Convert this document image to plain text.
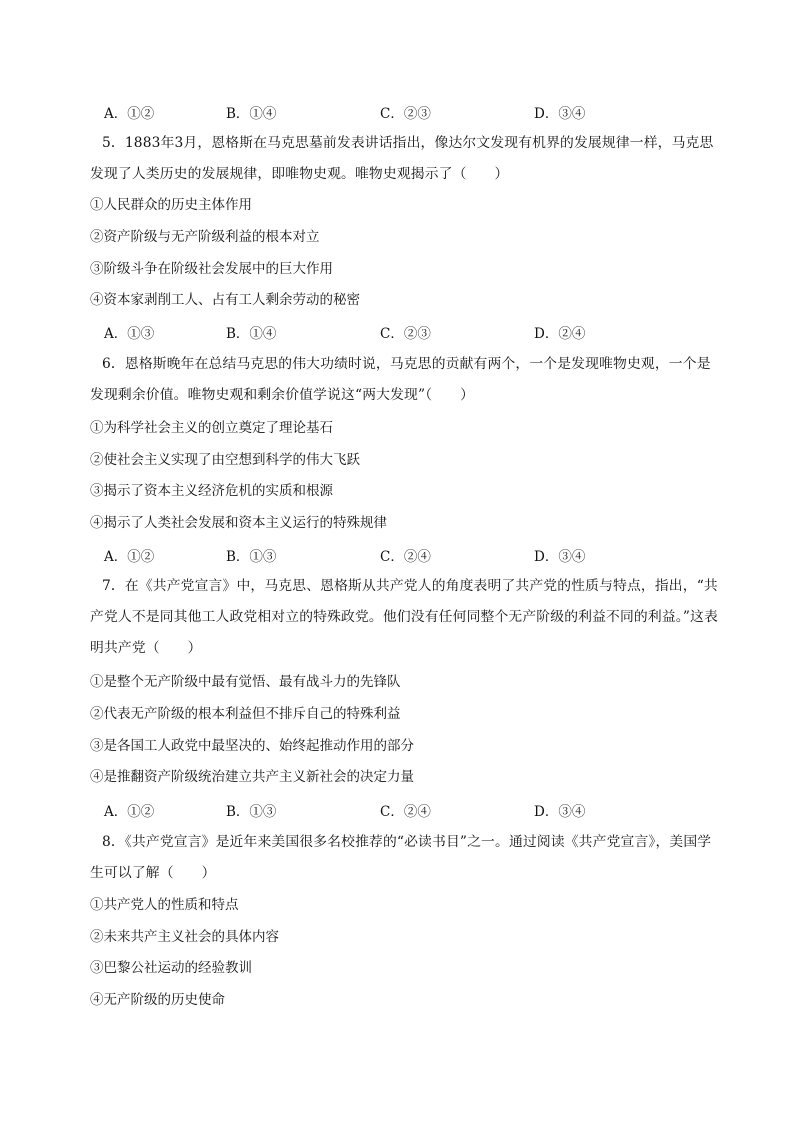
A．①②	B．①④	C．②③	D．③④
5．1883年3月，恩格斯在马克思墓前发表讲话指出，像达尔文发现有机界的发展规律一样，马克思发现了人类历史的发展规律，即唯物史观。唯物史观揭示了（　　）
①人民群众的历史主体作用
②资产阶级与无产阶级利益的根本对立
③阶级斗争在阶级社会发展中的巨大作用
④资本家剥削工人、占有工人剩余劳动的秘密
A．①③	B．①④	C．②③	D．②④
6．恩格斯晚年在总结马克思的伟大功绩时说，马克思的贡献有两个，一个是发现唯物史观，一个是发现剩余价值。唯物史观和剩余价值学说这“两大发现”（　　）
①为科学社会主义的创立奠定了理论基石
②使社会主义实现了由空想到科学的伟大飞跃
③揭示了资本主义经济危机的实质和根源
④揭示了人类社会发展和资本主义运行的特殊规律
A．①②	B．①③	C．②④	D．③④
7．在《共产党宣言》中，马克思、恩格斯从共产党人的角度表明了共产党的性质与特点，指出，“共产党人不是同其他工人政党相对立的特殊政党。他们没有任何同整个无产阶级的利益不同的利益。”这表明共产党（　　）
①是整个无产阶级中最有觉悟、最有战斗力的先锋队
②代表无产阶级的根本利益但不排斥自己的特殊利益
③是各国工人政党中最坚决的、始终起推动作用的部分
④是推翻资产阶级统治建立共产主义新社会的决定力量
A．①②	B．①③	C．②④	D．③④
8．《共产党宣言》是近年来美国很多名校推荐的“必读书目”之一。通过阅读《共产党宣言》，美国学生可以了解（　　）
①共产党人的性质和特点
②未来共产主义社会的具体内容
③巴黎公社运动的经验教训
④无产阶级的历史使命
